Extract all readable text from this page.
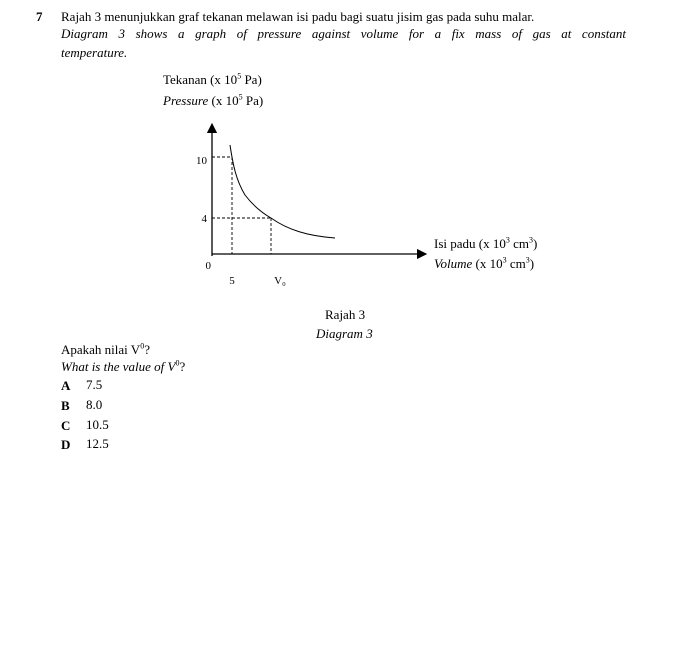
7 Rajah 3 menunjukkan graf tekanan melawan isi padu bagi suatu jisim gas pada suhu malar.
Diagram 3 shows a graph of pressure against volume for a fix mass of gas at constant
temperature.
Tekanan (x $10^5$ Pa)
Pressure (x $10^5$ Pa)
10
4
0
5	V₀
Isi padu (x $10^3$ $cm^3$)
Volume (x $10^3$ $cm^3$)
Rajah 3
Diagram 3
Apakah nilai $V^0$?
What is the value of $V^0$?
A 7.5
B 8.0
C 10.5
D 12.5
